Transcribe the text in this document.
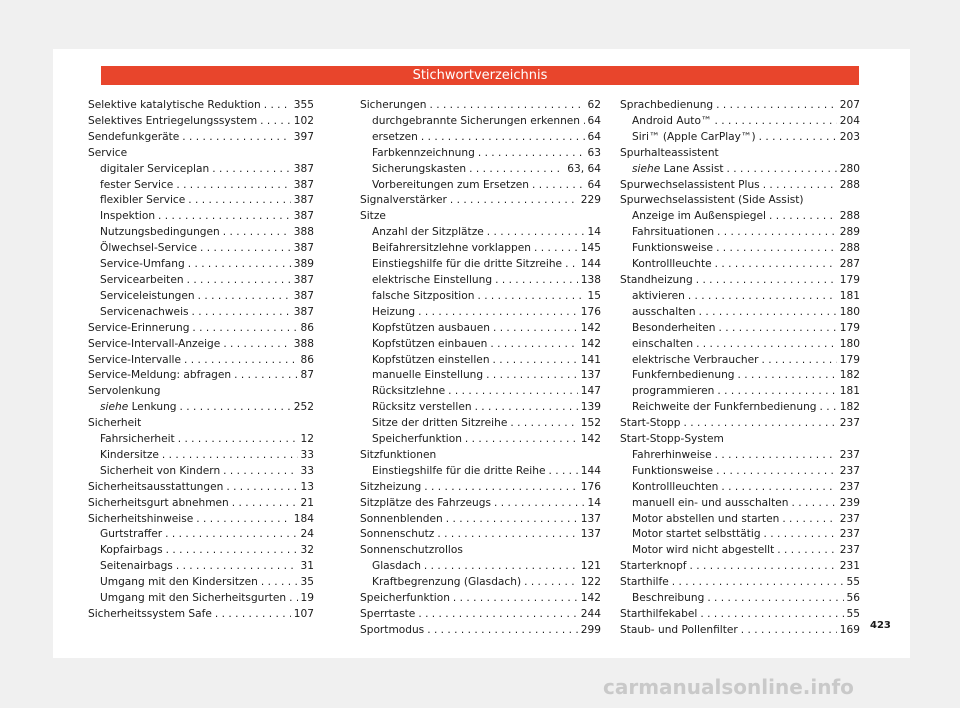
Stichwortverzeichnis
Selektive katalytische Reduktion . . .	355
Selektives Entriegelungssystem . . .	102
Sendefunkgeräte . . .	397
Service
digitaler Serviceplan . . .	387
fester Service . . .	387
flexibler Service . . .	387
Inspektion . . .	387
Nutzungsbedingungen . . .	388
Ölwechsel-Service . . .	387
Service-Umfang . . .	389
Servicearbeiten . . .	387
Serviceleistungen . . .	387
Servicenachweis . . .	387
Service-Erinnerung . . .	86
Service-Intervall-Anzeige . . .	388
Service-Intervalle . . .	86
Service-Meldung: abfragen . . .	87
Servolenkung
siehe Lenkung . . .	252
Sicherheit
Fahrsicherheit . . .	12
Kindersitze . . .	33
Sicherheit von Kindern . . .	33
Sicherheitsausstattungen . . .	13
Sicherheitsgurt abnehmen . . .	21
Sicherheitshinweise . . .	184
Gurtstraffer . . .	24
Kopfairbags . . .	32
Seitenairbags . . .	31
Umgang mit den Kindersitzen . . .	35
Umgang mit den Sicherheitsgurten . . . 19
Sicherheitssystem Safe . . .	107
Sicherungen . . .	62
durchgebrannte Sicherungen erkennen . . . 64
ersetzen . . .	64
Farbkennzeichnung . . .	63
Sicherungskasten . . .	63, 64
Vorbereitungen zum Ersetzen . . .	64
Signalverstärker . . .	229
Sitze
Anzahl der Sitzplätze . . .	14
Beifahrersitzlehne vorklappen . . .	145
Einstiegshilfe für die dritte Sitzreihe . . . 144
elektrische Einstellung . . .	138
falsche Sitzposition . . .	15
Heizung . . .	176
Kopfstützen ausbauen . . .	142
Kopfstützen einbauen . . .	142
Kopfstützen einstellen . . .	141
manuelle Einstellung . . .	137
Rücksitzlehne . . .	147
Rücksitz verstellen . . .	139
Sitze der dritten Sitzreihe . . .	152
Speicherfunktion . . .	142
Sitzfunktionen
Einstiegshilfe für die dritte Reihe . . .	144
Sitzheizung . . .	176
Sitzplätze des Fahrzeugs . . .	14
Sonnenblenden . . .	137
Sonnenschutz . . .	137
Sonnenschutzrollos
Glasdach . . .	121
Kraftbegrenzung (Glasdach) . . .	122
Speicherfunktion . . .	142
Sperrtaste . . .	244
Sportmodus . . .	299
Sprachbedienung . . .	207
Android Auto™ . . .	204
Siri™ (Apple CarPlay™) . . .	203
Spurhalteassistent
siehe Lane Assist . . .	280
Spurwechselassistent Plus . . .	288
Spurwechselassistent (Side Assist)
Anzeige im Außenspiegel . . .	288
Fahrsituationen . . .	289
Funktionsweise . . .	288
Kontrollleuchte . . .	287
Standheizung . . .	179
aktivieren . . .	181
ausschalten . . .	180
Besonderheiten . . .	179
einschalten . . .	180
elektrische Verbraucher . . .	179
Funkfernbedienung . . .	182
programmieren . . .	181
Reichweite der Funkfernbedienung . . . 182
Start-Stopp . . .	237
Start-Stopp-System
Fahrerhinweise . . .	237
Funktionsweise . . .	237
Kontrollleuchten . . .	237
manuell ein- und ausschalten . . .	239
Motor abstellen und starten . . .	237
Motor startet selbsttätig . . .	237
Motor wird nicht abgestellt . . .	237
Starterknopf . . .	231
Starthilfe . . .	55
Beschreibung . . .	56
Starthilfekabel . . .	55
Staub- und Pollenfilter . . .	169 423
carmanualsonline.info
